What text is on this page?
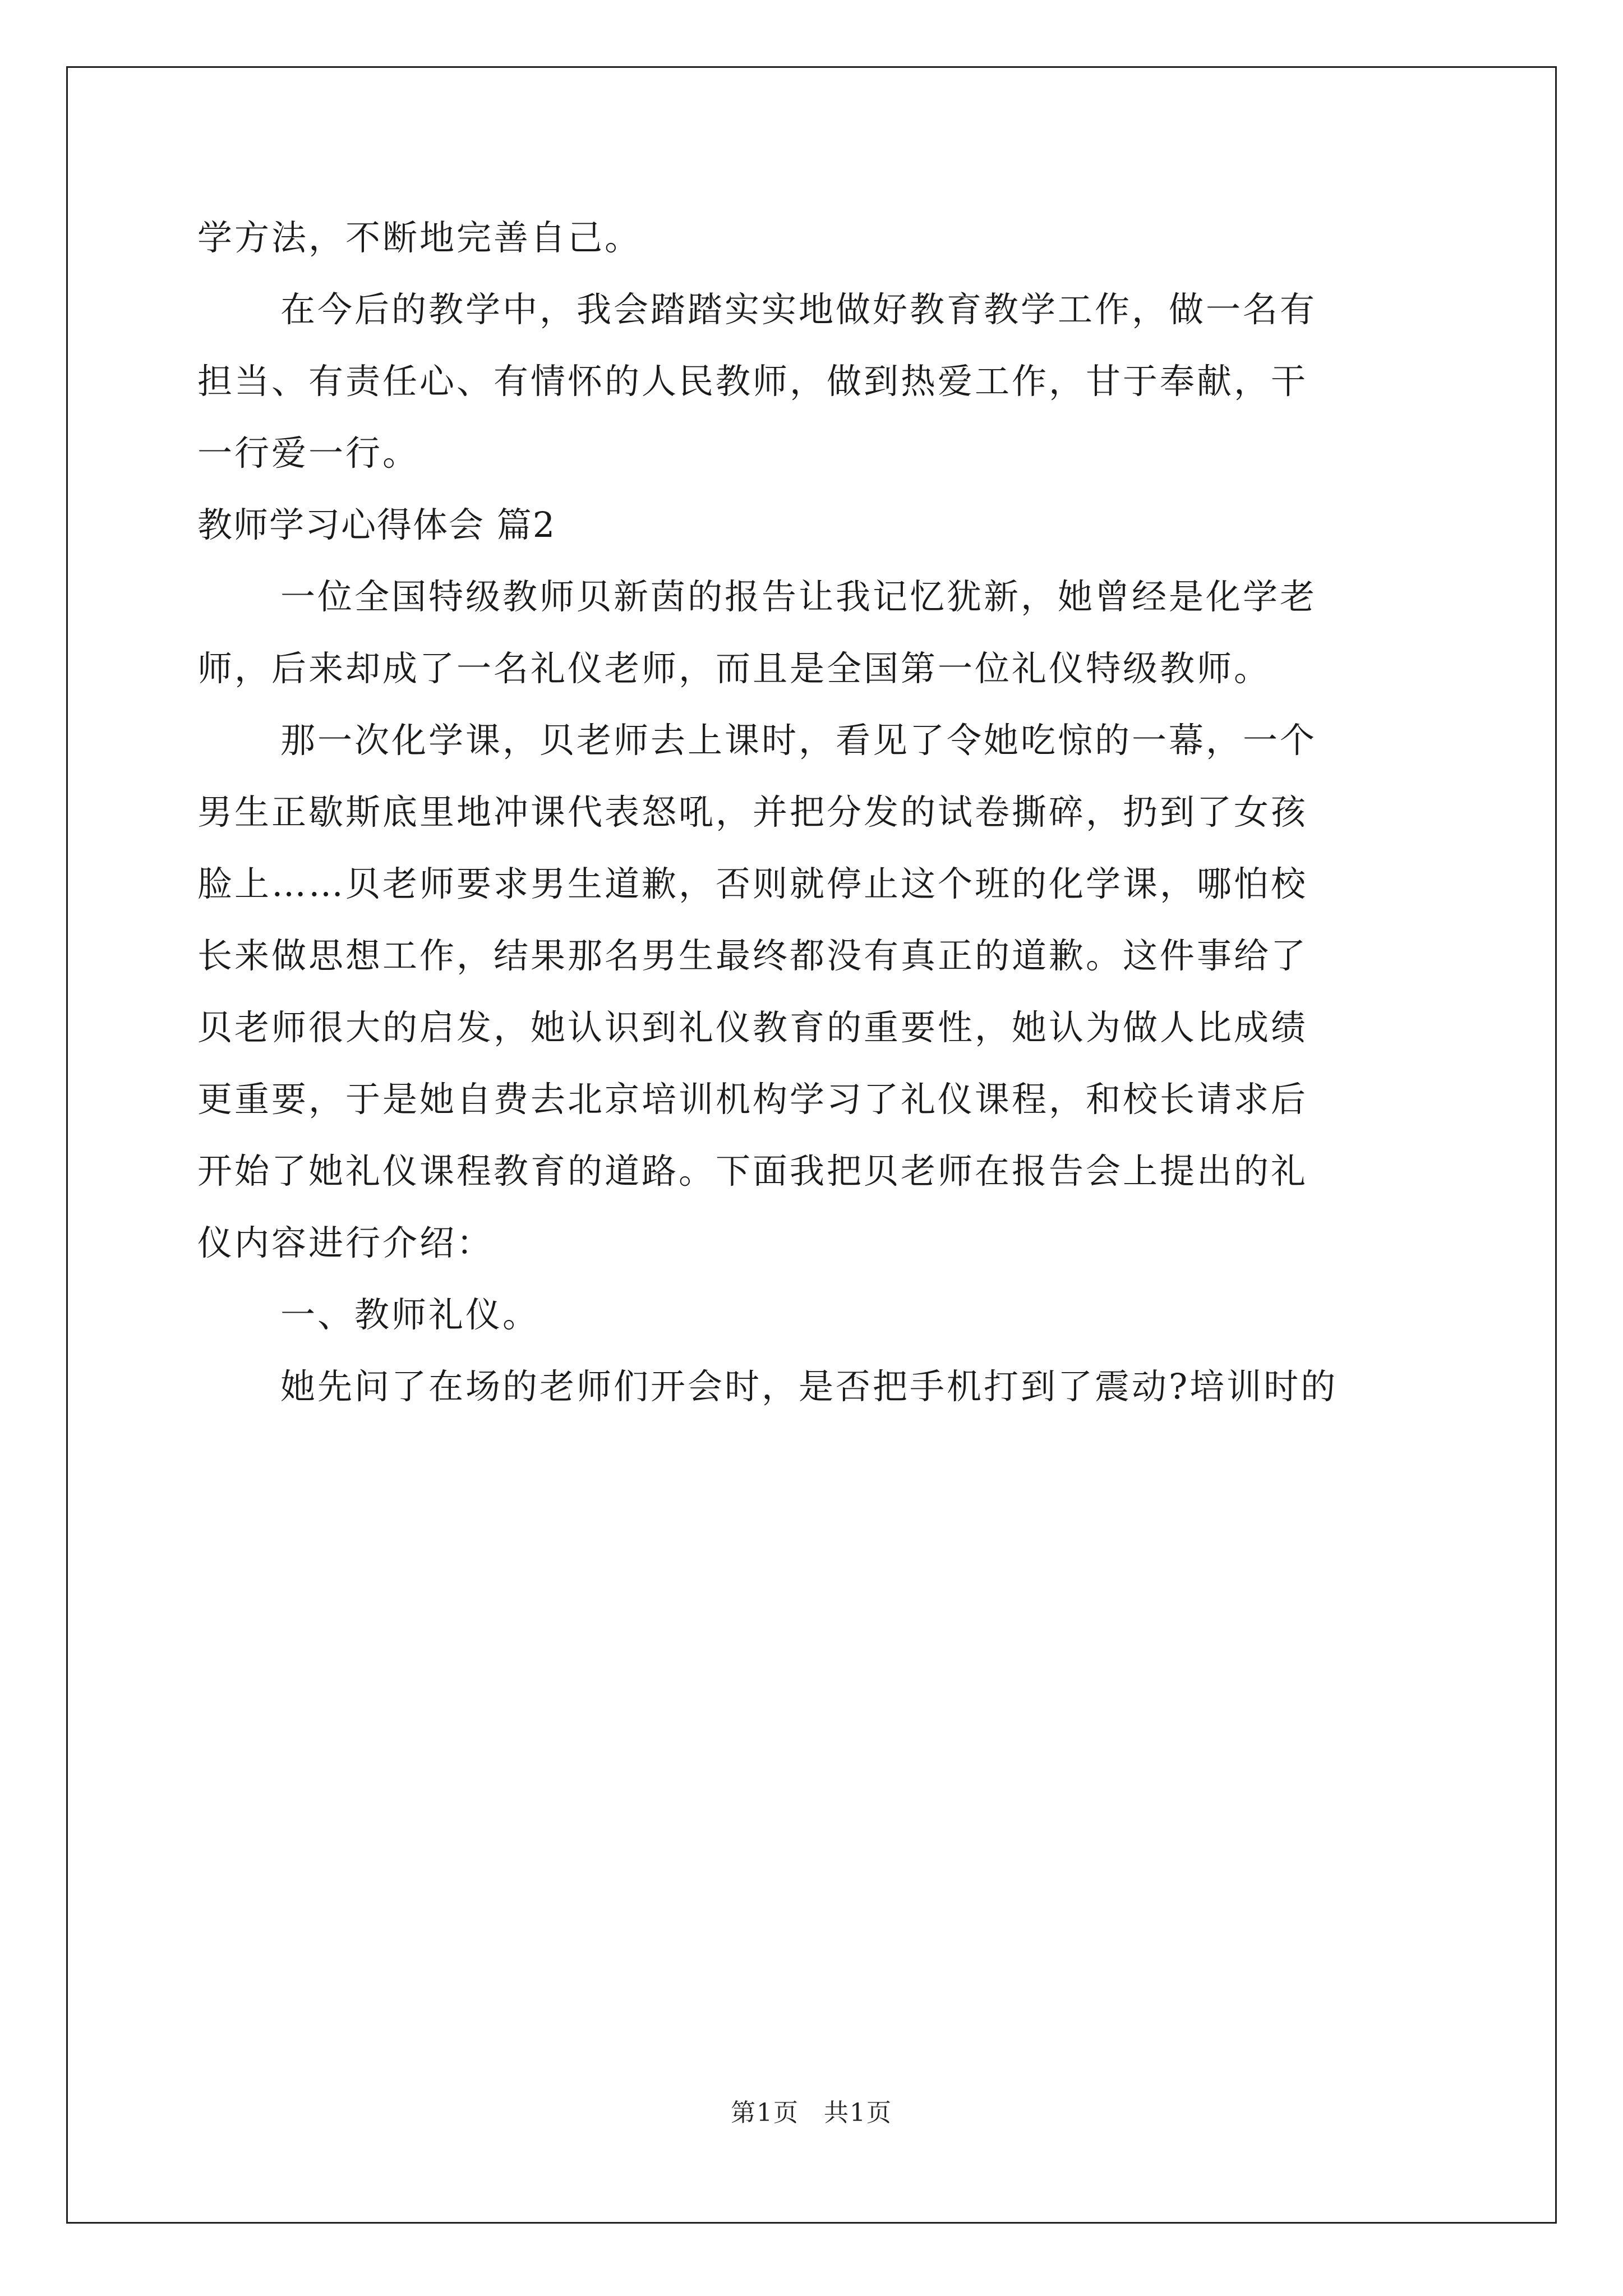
学方法，不断地完善自己。

在今后的教学中，我会踏踏实实地做好教育教学工作，做一名有

担当、有责任心、有情怀的人民教师，做到热爱工作，甘于奉献，干

一行爱一行。

教师学习心得体会 篇2

一位全国特级教师贝新茵的报告让我记忆犹新，她曾经是化学老

师，后来却成了一名礼仪老师，而且是全国第一位礼仪特级教师。

那一次化学课，贝老师去上课时，看见了令她吃惊的一幕，一个

男生正歇斯底里地冲课代表怒吼，并把分发的试卷撕碎，扔到了女孩

脸上……贝老师要求男生道歉，否则就停止这个班的化学课，哪怕校

长来做思想工作，结果那名男生最终都没有真正的道歉。这件事给了

贝老师很大的启发，她认识到礼仪教育的重要性，她认为做人比成绩

更重要，于是她自费去北京培训机构学习了礼仪课程，和校长请求后

开始了她礼仪课程教育的道路。下面我把贝老师在报告会上提出的礼

仪内容进行介绍：

一、教师礼仪。

她先问了在场的老师们开会时，是否把手机打到了震动?培训时的

第1页 共1页
